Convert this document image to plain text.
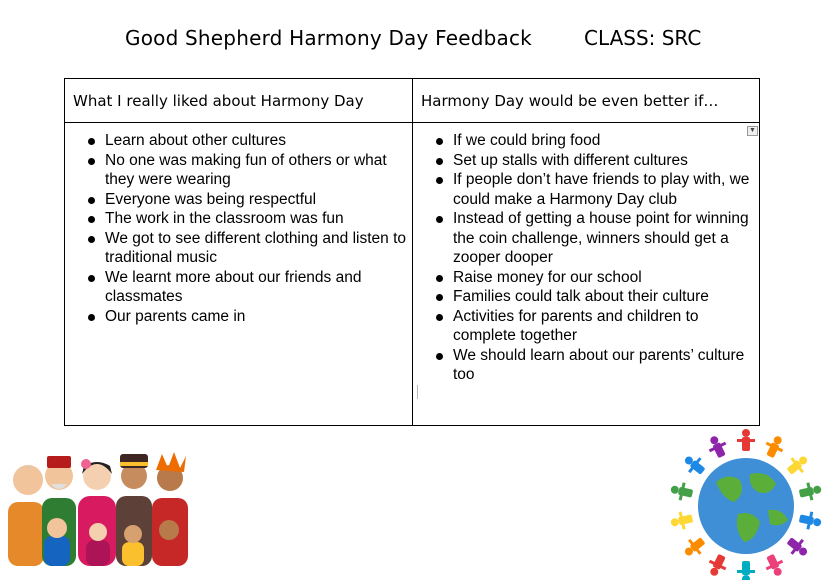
Good Shepherd Harmony Day Feedback	CLASS: SRC
What I really liked about Harmony Day	Harmony Day would be even better if…
Learn about other cultures
No one was making fun of others or what they were wearing
Everyone was being respectful
The work in the classroom was fun
We got to see different clothing and listen to traditional music
We learnt more about our friends and classmates
Our parents came in
▼
If we could bring food
Set up stalls with different cultures
If people don’t have friends to play with, we could make a Harmony Day club
Instead of getting a house point for winning the coin challenge, winners should get a zooper dooper
Raise money for our school
Families could talk about their culture
Activities for parents and children to complete together
We should learn about our parents’ culture too
